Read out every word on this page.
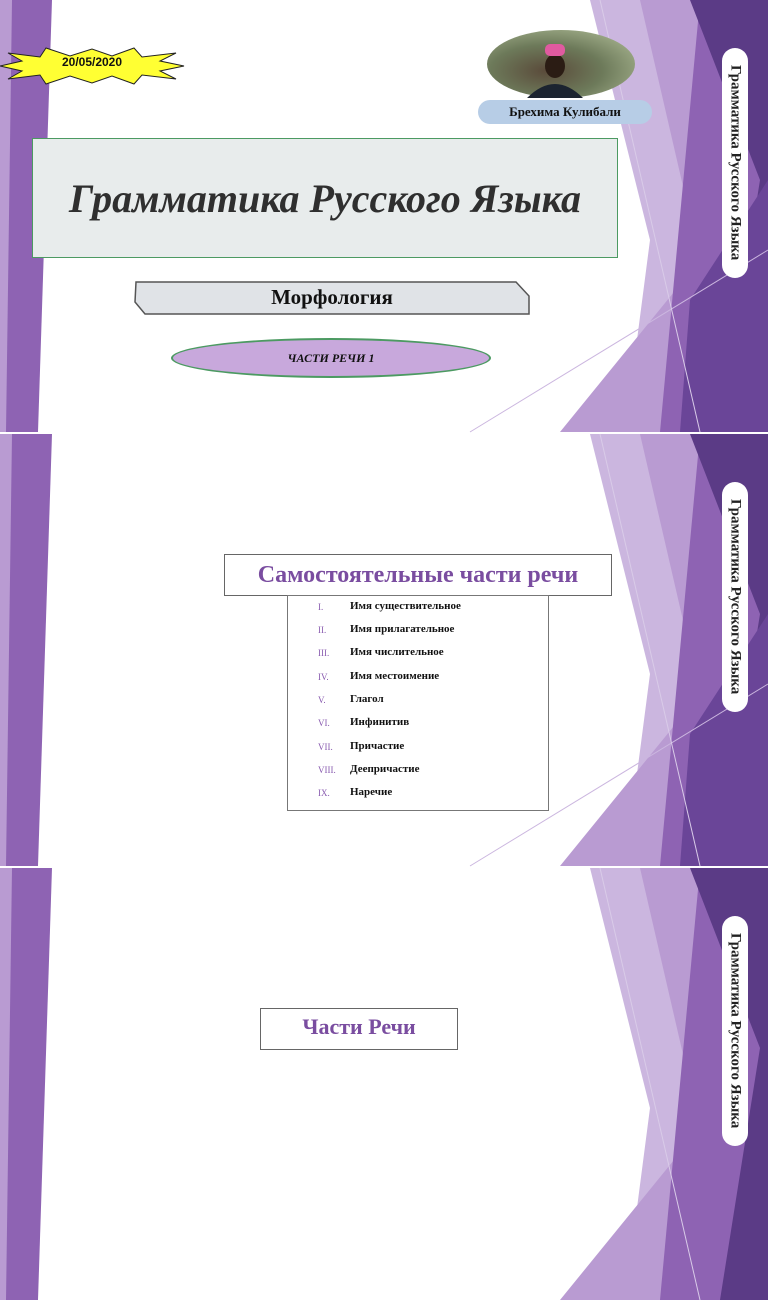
Грамматика Русского Языка
20/05/2020
Брехима Кулибали
Грамматика Русского Языка
Морфология
ЧАСТИ РЕЧИ 1
Грамматика Русского Языка
Самостоятельные части речи
I. Имя существительное
II. Имя прилагательное
III. Имя числительное
IV. Имя местоимение
V. Глагол
VI. Инфинитив
VII. Причастие
VIII. Деепричастие
IX. Наречие
Грамматика Русского Языка
Части Речи
